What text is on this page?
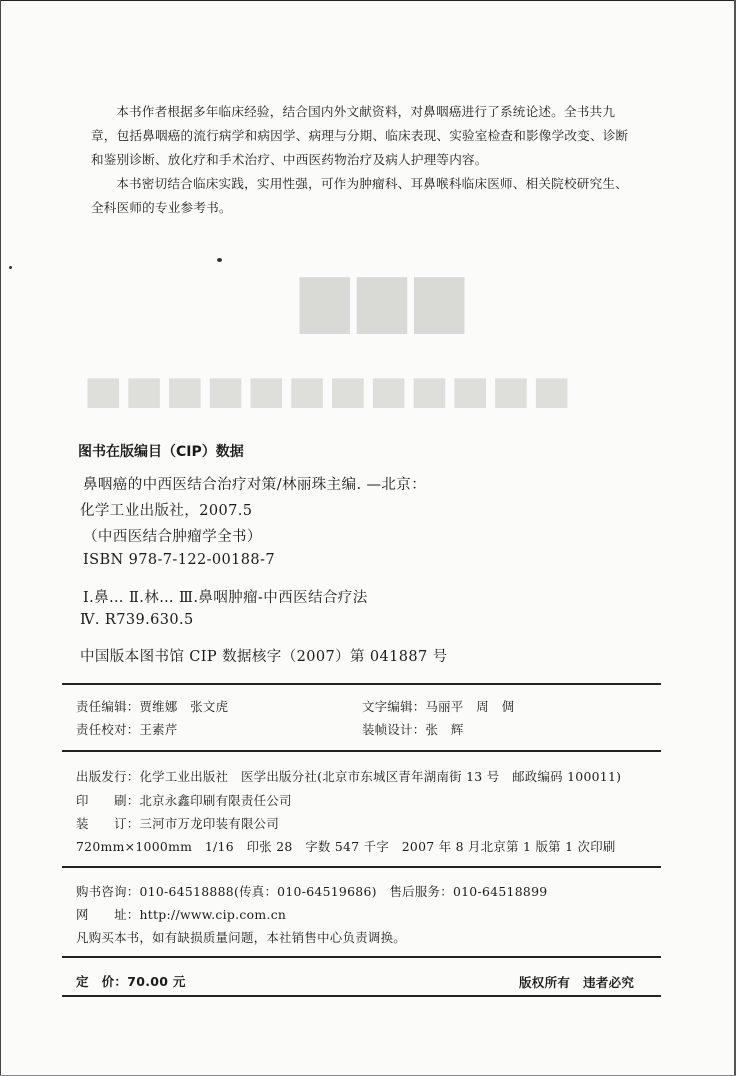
本书作者根据多年临床经验，结合国内外文献资料，对鼻咽癌进行了系统论述。全书共九章，包括鼻咽癌的流行病学和病因学、病理与分期、临床表现、实验室检查和影像学改变、诊断和鉴别诊断、放化疗和手术治疗、中西医药物治疗及病人护理等内容。

本书密切结合临床实践，实用性强，可作为肿瘤科、耳鼻喉科临床医师、相关院校研究生、全科医师的专业参考书。

▆▆▆
▅▅▅▅▅▅▅▅▅▅▅▅
图书在版编目（CIP）数据
鼻咽癌的中西医结合治疗对策/林丽珠主编. —北京：
化学工业出版社，2007.5
（中西医结合肿瘤学全书）
ISBN 978-7-122-00188-7
Ⅰ.鼻… Ⅱ.林… Ⅲ.鼻咽肿瘤-中西医结合疗法
Ⅳ. R739.630.5
中国版本图书馆 CIP 数据核字（2007）第 041887 号
责任编辑：贾维娜　张文虎	文字编辑：马丽平　周　倜
责任校对：王素芹	装帧设计：张　辉
出版发行：化学工业出版社　医学出版分社(北京市东城区青年湖南街 13 号　邮政编码 100011)
印　　刷：北京永鑫印刷有限责任公司
装　　订：三河市万龙印装有限公司
720mm×1000mm　1/16　印张 28　字数 547 千字　2007 年 8 月北京第 1 版第 1 次印刷
购书咨询：010-64518888(传真：010-64519686)　售后服务：010-64518899
网　　址：http://www.cip.com.cn
凡购买本书，如有缺损质量问题，本社销售中心负责调换。
定　价：70.00 元	版权所有　违者必究
